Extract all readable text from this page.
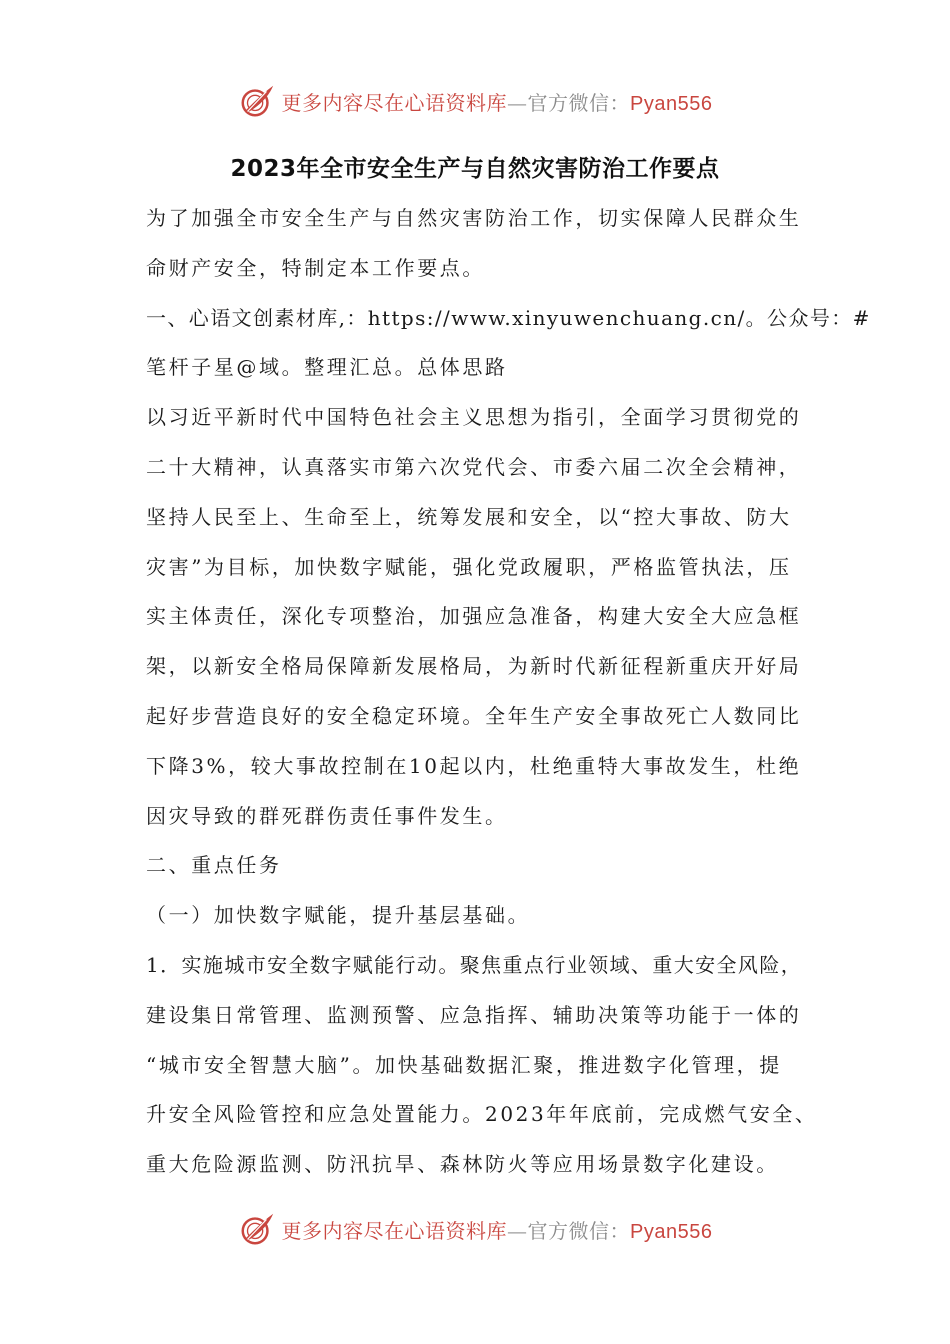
更多内容尽在心语资料库—官方微信：Pyan556
2023年全市安全生产与自然灾害防治工作要点
为了加强全市安全生产与自然灾害防治工作，切实保障人民群众生
命财产安全，特制定本工作要点。
一、心语文创素材库,：https://www.xinyuwenchuang.cn/。公众号：#
笔杆子星@域。整理汇总。总体思路
以习近平新时代中国特色社会主义思想为指引，全面学习贯彻党的
二十大精神，认真落实市第六次党代会、市委六届二次全会精神，
坚持人民至上、生命至上，统筹发展和安全，以“控大事故、防大
灾害”为目标，加快数字赋能，强化党政履职，严格监管执法，压
实主体责任，深化专项整治，加强应急准备，构建大安全大应急框
架，以新安全格局保障新发展格局，为新时代新征程新重庆开好局
起好步营造良好的安全稳定环境。全年生产安全事故死亡人数同比
下降3%，较大事故控制在10起以内，杜绝重特大事故发生，杜绝
因灾导致的群死群伤责任事件发生。
二、重点任务
（一）加快数字赋能，提升基层基础。
1．实施城市安全数字赋能行动。聚焦重点行业领域、重大安全风险，
建设集日常管理、监测预警、应急指挥、辅助决策等功能于一体的
“城市安全智慧大脑”。加快基础数据汇聚，推进数字化管理，提
升安全风险管控和应急处置能力。2023年年底前，完成燃气安全、
重大危险源监测、防汛抗旱、森林防火等应用场景数字化建设。
更多内容尽在心语资料库—官方微信：Pyan556
